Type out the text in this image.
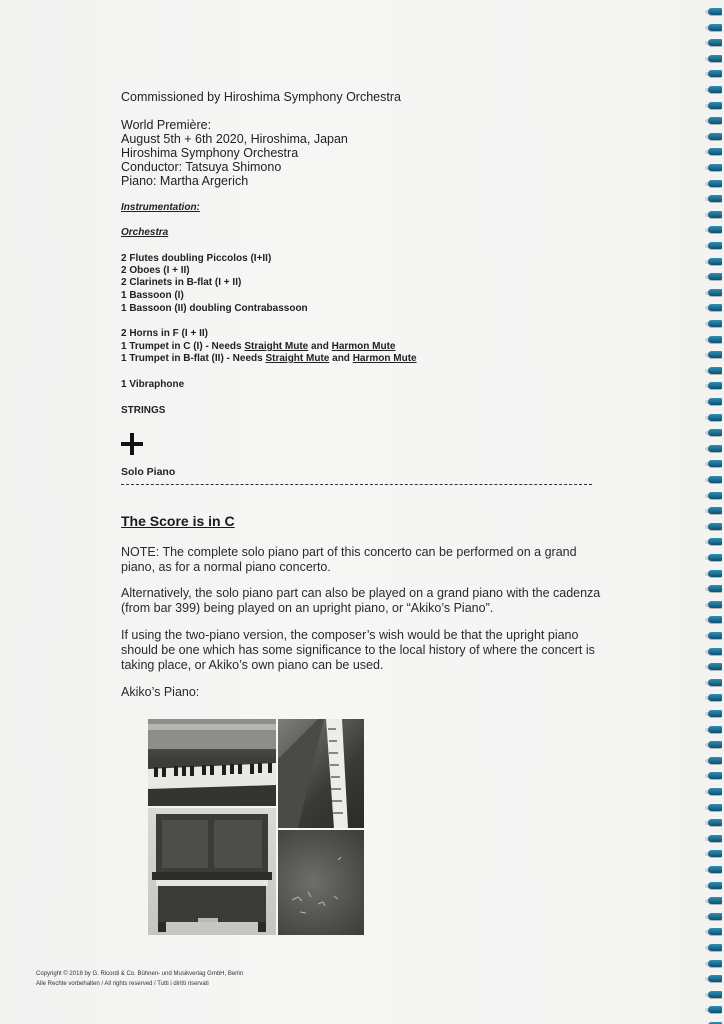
Commissioned by Hiroshima Symphony Orchestra
World Première:
August 5th + 6th 2020, Hiroshima, Japan
Hiroshima Symphony Orchestra
Conductor: Tatsuya Shimono
Piano: Martha Argerich
Instrumentation:
Orchestra
2 Flutes doubling Piccolos (I+II)
2 Oboes (I + II)
2 Clarinets in B-flat (I + II)
1 Bassoon (I)
1 Bassoon (II) doubling Contrabassoon
2 Horns in F (I + II)
1 Trumpet in C (I) - Needs Straight Mute and Harmon Mute
1 Trumpet in B-flat (II) - Needs Straight Mute and Harmon Mute
1 Vibraphone
STRINGS
Solo Piano
The Score is in C
NOTE: The complete solo piano part of this concerto can be performed on a grand piano, as for a normal piano concerto.
Alternatively, the solo piano part can also be played on a grand piano with the cadenza (from bar 399) being played on an upright piano, or “Akiko’s Piano”.
If using the two-piano version, the composer’s wish would be that the upright piano should be one which has some significance to the local history of where the concert is taking place, or Akiko’s own piano can be used.
Akiko’s Piano:
Copyright © 2018 by G. Ricordi & Co. Bühnen- und Musikverlag GmbH, Berlin
Alle Rechte vorbehalten / All rights reserved / Tutti i diritti riservati
